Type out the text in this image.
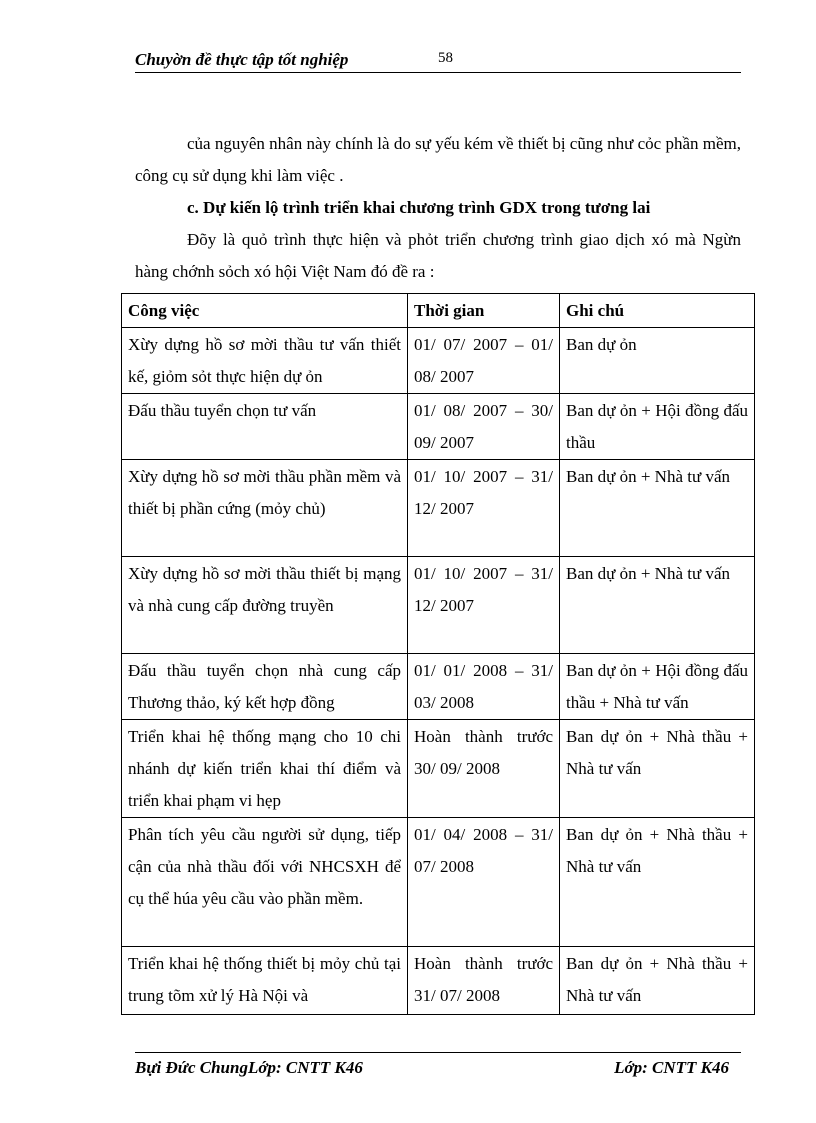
Chuyờn đề thực tập tốt nghiệp	58
của nguyên nhân này chính là do sự yếu kém về thiết bị cũng như cỏc phần mềm, công cụ sử dụng khi làm việc .
c. Dự kiến lộ trình triển khai chương trình GDX trong tương lai
Đõy là quỏ trình thực hiện và phỏt triển chương trình giao dịch xó mà Ngừn hàng chớnh sỏch xó hội Việt Nam đó đề ra :
Công việc	Thời gian	Ghi chú
Xừy dựng hồ sơ mời thầu tư vấn thiết kế, giỏm sỏt thực hiện dự ỏn	01/ 07/ 2007 – 01/ 08/ 2007	Ban dự ỏn
Đấu thầu tuyển chọn tư vấn	01/ 08/ 2007 – 30/ 09/ 2007	Ban dự ỏn + Hội đồng đấu thầu
Xừy dựng hồ sơ mời thầu phần mềm và thiết bị phần cứng (mỏy chủ)	01/ 10/ 2007 – 31/ 12/ 2007	Ban dự ỏn + Nhà tư vấn
Xừy dựng hồ sơ mời thầu thiết bị mạng và nhà cung cấp đường truyền	01/ 10/ 2007 – 31/ 12/ 2007	Ban dự ỏn + Nhà tư vấn
Đấu thầu tuyển chọn nhà cung cấp Thương thảo, ký kết hợp đồng	01/ 01/ 2008 – 31/ 03/ 2008	Ban dự ỏn + Hội đồng đấu thầu + Nhà tư vấn
Triển khai hệ thống mạng cho 10 chi nhánh dự kiến triển khai thí điểm và triển khai phạm vi hẹp	Hoàn thành trước 30/ 09/ 2008	Ban dự ỏn + Nhà thầu + Nhà tư vấn
Phân tích yêu cầu người sử dụng, tiếp cận của nhà thầu đối với NHCSXH để cụ thể húa yêu cầu vào phần mềm.	01/ 04/ 2008 – 31/ 07/ 2008	Ban dự ỏn + Nhà thầu + Nhà tư vấn
Triển khai hệ thống thiết bị mỏy chủ tại trung tõm xử lý Hà Nội và	Hoàn thành trước 31/ 07/ 2008	Ban dự ỏn + Nhà thầu + Nhà tư vấn
Bựi Đức ChungLớp: CNTT K46	Lớp: CNTT K46
